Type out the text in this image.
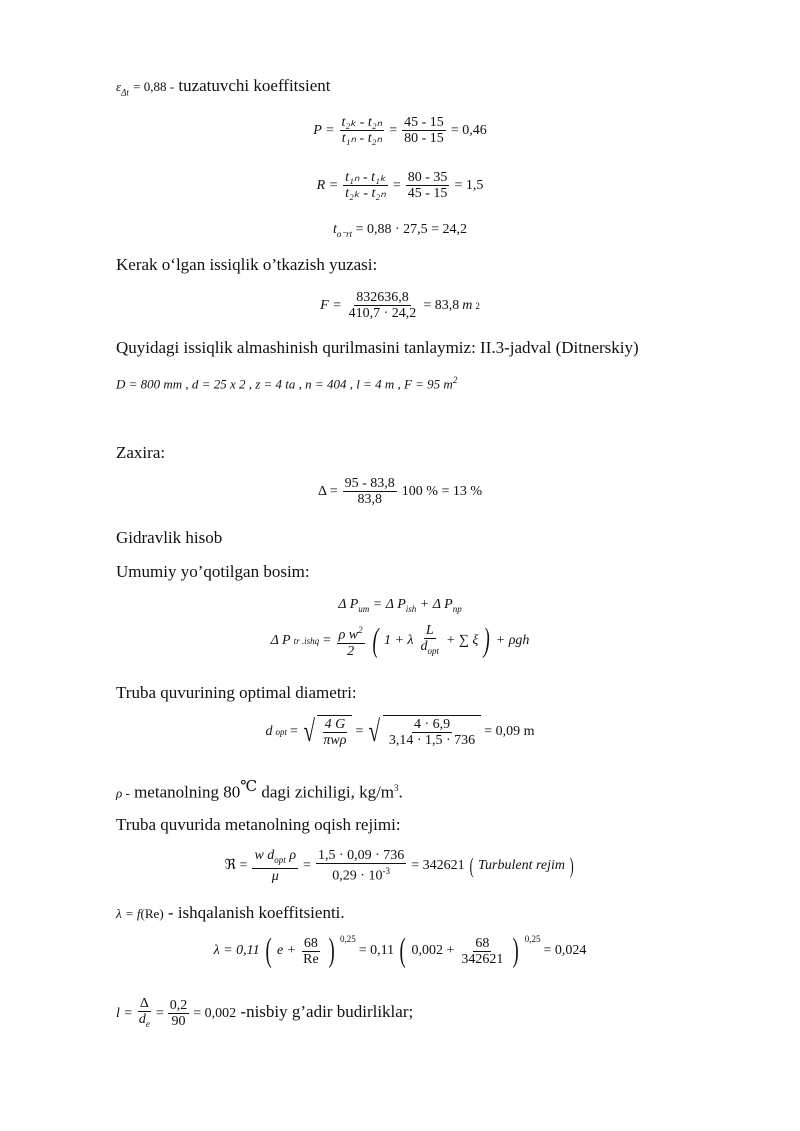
$\varepsilon_{\Delta t} = 0,88$ - tuzatuvchi koeffitsient
$P = \frac{\text{t₂ₖ - t₂ₙ}}{\text{t₁ₙ - t₂ₙ}} = \frac{45 - 15}{80 - 15} = 0,46$
$R = \frac{\text{t₁ₙ - t₁ₖ}}{\text{t₂ₖ - t₂ₙ}} = \frac{80 - 35}{45 - 15} = 1,5$
$t_{o^-rt} = 0,88 \cdot 27,5 = 24,2$
Kerak o‘lgan issiqlik o’tkazish yuzasi:
$F = \frac{832636,8}{410,7 \cdot 24,2} = 83,8$ m 2
Quyidagi issiqlik almashinish qurilmasini tanlaymiz: II.3-jadval (Ditnerskiy)
D = 800 mm , d = 25 x 2 , z = 4 ta , n = 404 , l = 4 m , F = 95 $m^2$
Zaxira:
$\Delta = \frac{95 - 83,8}{83,8} 100$ % = 13 %
Gidravlik hisob
Umumiy yo’qotilgan bosim:
Δ $P_{um} = \Delta$ $P_{ish} + \Delta$ $P_{np}$
Δ P tr .ishq = $\frac{\rho w^2}{2}$ ( 1 + λ $\frac{L}{d_{opt}}$ + ∑ ξ ) + ρgh
Truba quvurining optimal diametri:
d opt = √ $\frac{4 G}{\text{πwρ}}$ = √ $\frac{4 \cdot 6,9}{3,14 \cdot 1,5 \cdot 736} = 0,09$ m
ρ - metanolning 80℃ dagi zichiligi, $kg/m^3$.
Truba quvurida metanolning oqish rejimi:
ℜ = $\frac{w d_{opt} \rho}{\mu} = \frac{1,5 \cdot 0,09 \cdot 736}{0,29 \cdot 10^{-3}} = 342621$ ( Turbulent rejim )
λ = f(Re) - ishqalanish koeffitsienti.
λ = 0,11 ( $e + \frac{68}{Re}$ ) $^{0,25}$
= 0,11 ( $0,002 + \frac{68}{342621}$ ) $^{0,25}$
= 0,024
$l = \frac{\Delta}{d_e} = \frac{0,2}{90} = 0,002$ -nisbiy g’adir budirliklar;
